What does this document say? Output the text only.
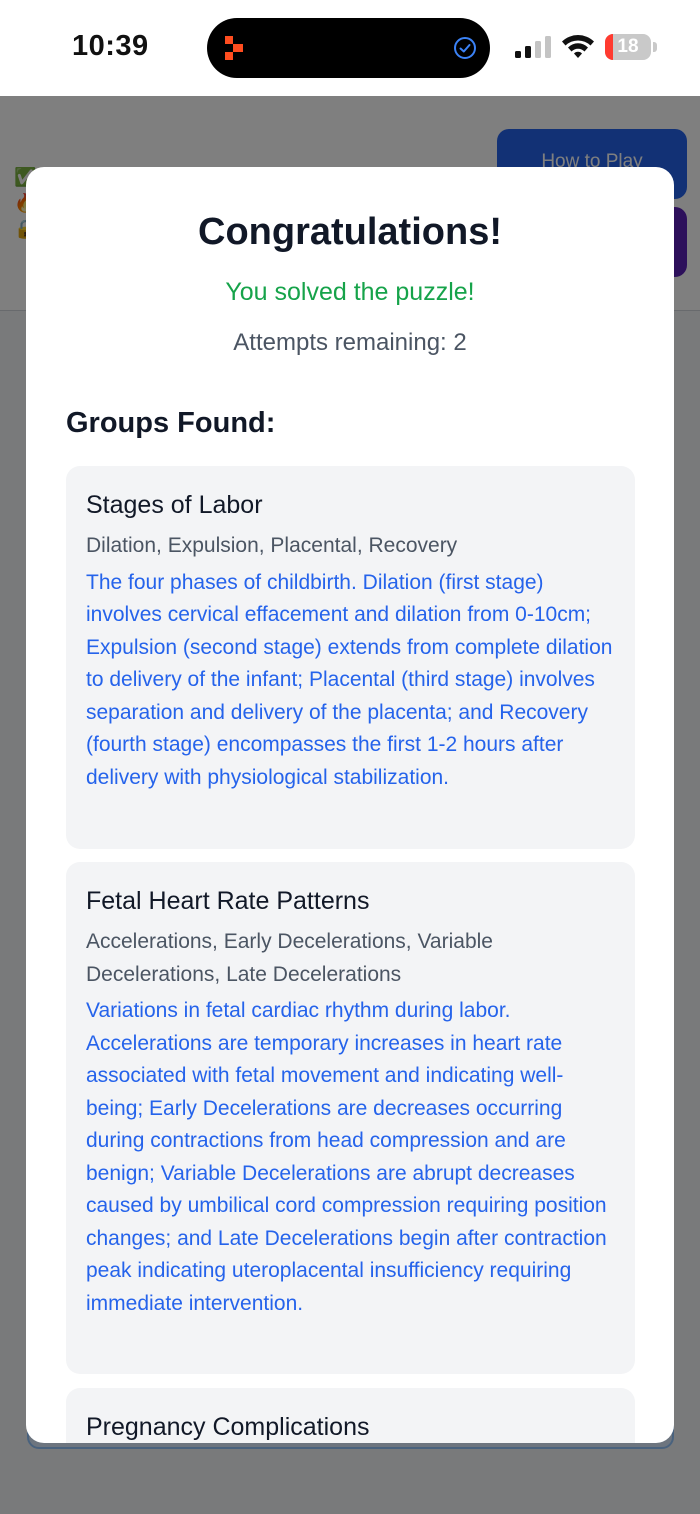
10:39	18
Congratulations!
You solved the puzzle!
Attempts remaining: 2
Groups Found:
Stages of Labor
Dilation, Expulsion, Placental, Recovery
The four phases of childbirth. Dilation (first stage) involves cervical effacement and dilation from 0-10cm; Expulsion (second stage) extends from complete dilation to delivery of the infant; Placental (third stage) involves separation and delivery of the placenta; and Recovery (fourth stage) encompasses the first 1-2 hours after delivery with physiological stabilization.
Fetal Heart Rate Patterns
Accelerations, Early Decelerations, Variable Decelerations, Late Decelerations
Variations in fetal cardiac rhythm during labor. Accelerations are temporary increases in heart rate associated with fetal movement and indicating well-being; Early Decelerations are decreases occurring during contractions from head compression and are benign; Variable Decelerations are abrupt decreases caused by umbilical cord compression requiring position changes; and Late Decelerations begin after contraction peak indicating uteroplacental insufficiency requiring immediate intervention.
Pregnancy Complications
